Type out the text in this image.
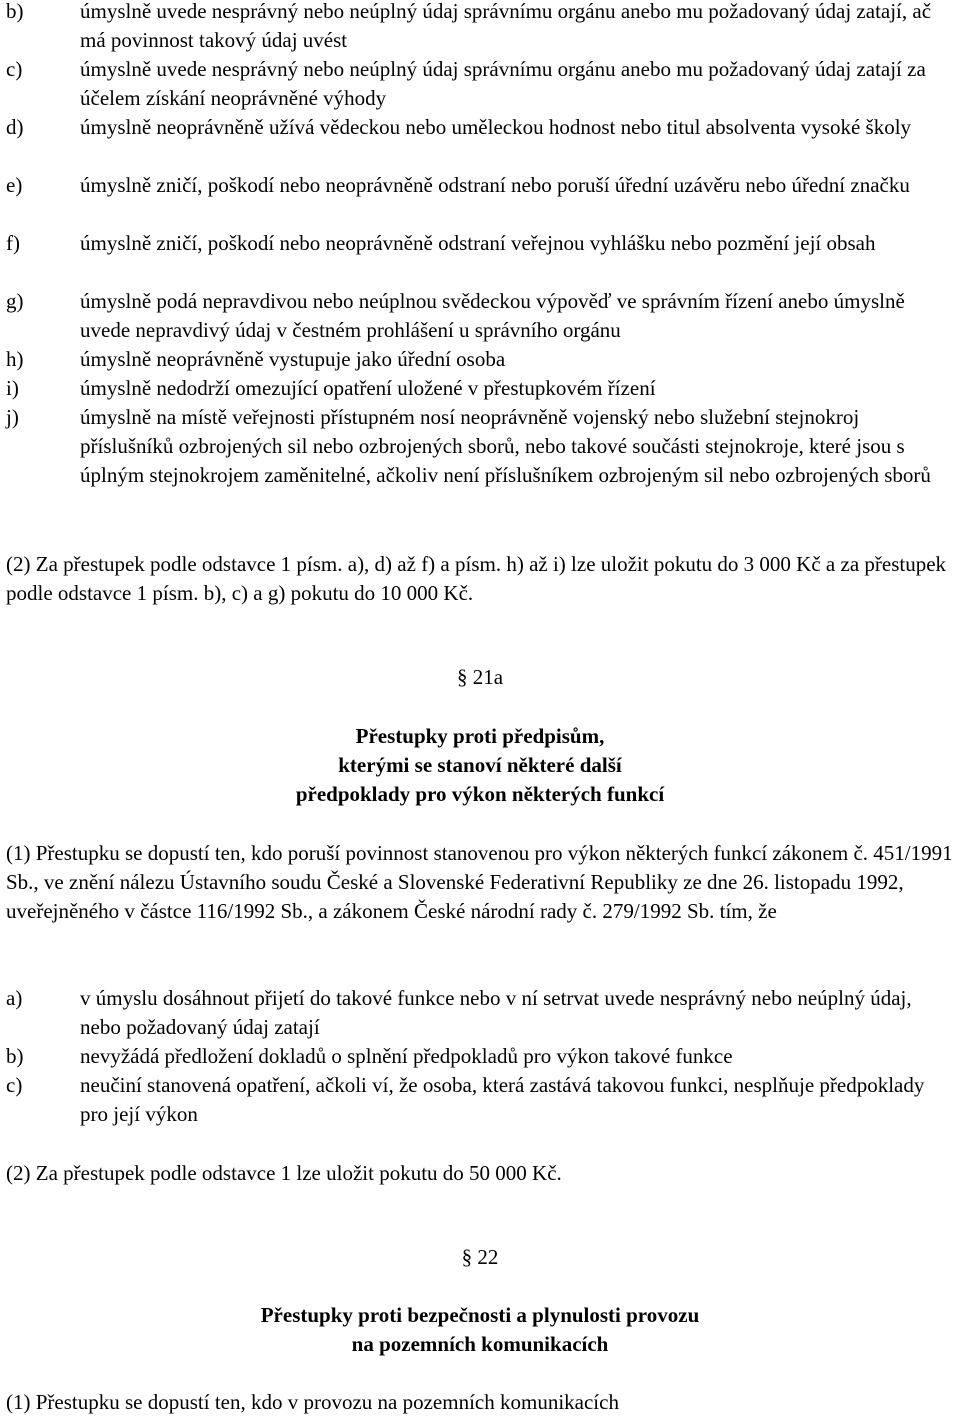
b)	úmyslně uvede nesprávný nebo neúplný údaj správnímu orgánu anebo mu požadovaný údaj zatají, ač má povinnost takový údaj uvést
c)	úmyslně uvede nesprávný nebo neúplný údaj správnímu orgánu anebo mu požadovaný údaj zatají za účelem získání neoprávněné výhody
d)	úmyslně neoprávněně užívá vědeckou nebo uměleckou hodnost nebo titul absolventa vysoké školy
e)	úmyslně zničí, poškodí nebo neoprávněně odstraní nebo poruší úřední uzávěru nebo úřední značku
f)	úmyslně zničí, poškodí nebo neoprávněně odstraní veřejnou vyhlášku nebo pozmění její obsah
g)	úmyslně podá nepravdivou nebo neúplnou svědeckou výpověď ve správním řízení anebo úmyslně uvede nepravdivý údaj v čestném prohlášení u správního orgánu
h)	úmyslně neoprávněně vystupuje jako úřední osoba
i)	úmyslně nedodrží omezující opatření uložené v přestupkovém řízení
j)	úmyslně na místě veřejnosti přístupném nosí neoprávněně vojenský nebo služební stejnokroj příslušníků ozbrojených sil nebo ozbrojených sborů, nebo takové součásti stejnokroje, které jsou s úplným stejnokrojem zaměnitelné, ačkoliv není příslušníkem ozbrojeným sil nebo ozbrojených sborů
(2) Za přestupek podle odstavce 1 písm. a), d) až f) a písm. h) až i) lze uložit pokutu do 3 000 Kč a za přestupek podle odstavce 1 písm. b), c) a g) pokutu do 10 000 Kč.
§ 21a
Přestupky proti předpisům,
kterými se stanoví některé další
předpoklady pro výkon některých funkcí
(1) Přestupku se dopustí ten, kdo poruší povinnost stanovenou pro výkon některých funkcí zákonem č. 451/1991 Sb., ve znění nálezu Ústavního soudu České a Slovenské Federativní Republiky ze dne 26. listopadu 1992, uveřejněného v částce 116/1992 Sb., a zákonem České národní rady č. 279/1992 Sb. tím, že
a)	v úmyslu dosáhnout přijetí do takové funkce nebo v ní setrvat uvede nesprávný nebo neúplný údaj, nebo požadovaný údaj zatají
b)	nevyžádá předložení dokladů o splnění předpokladů pro výkon takové funkce
c)	neučiní stanovená opatření, ačkoli ví, že osoba, která zastává takovou funkci, nesplňuje předpoklady pro její výkon
(2) Za přestupek podle odstavce 1 lze uložit pokutu do 50 000 Kč.
§ 22
Přestupky proti bezpečnosti a plynulosti provozu
na pozemních komunikacích
(1) Přestupku se dopustí ten, kdo v provozu na pozemních komunikacích
